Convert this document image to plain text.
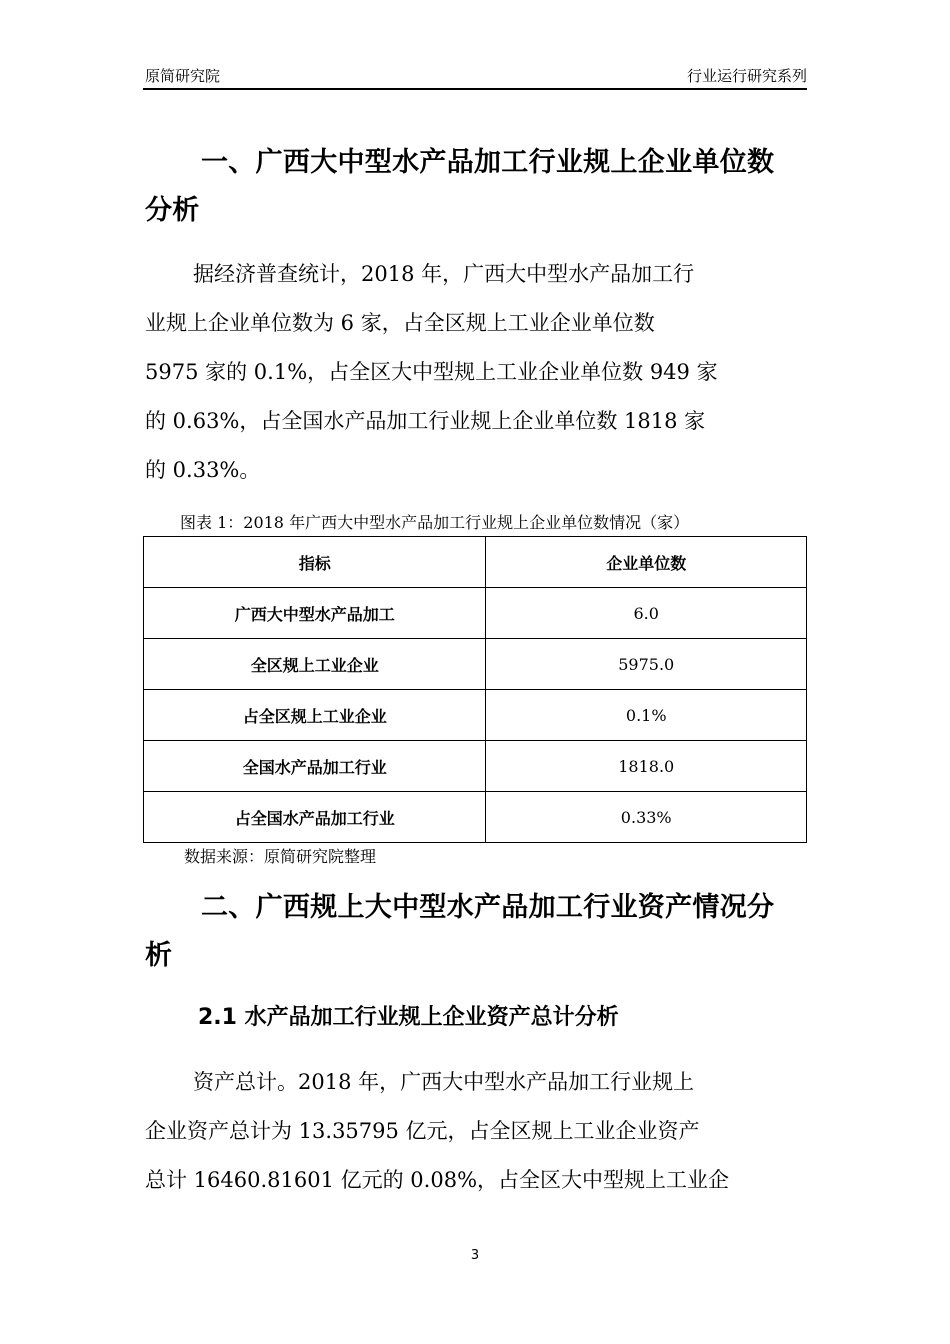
原简研究院	行业运行研究系列
一、广西大中型水产品加工行业规上企业单位数
分析
据经济普查统计，2018 年，广西大中型水产品加工行
业规上企业单位数为 6 家，占全区规上工业企业单位数
5975 家的 0.1%，占全区大中型规上工业企业单位数 949 家
的 0.63%，占全国水产品加工行业规上企业单位数 1818 家
的 0.33%。
图表 1：2018 年广西大中型水产品加工行业规上企业单位数情况（家）
指标	企业单位数
广西大中型水产品加工	6.0
全区规上工业企业	5975.0
占全区规上工业企业	0.1%
全国水产品加工行业	1818.0
占全国水产品加工行业	0.33%
数据来源：原简研究院整理
二、广西规上大中型水产品加工行业资产情况分
析
2.1 水产品加工行业规上企业资产总计分析
资产总计。2018 年，广西大中型水产品加工行业规上
企业资产总计为 13.35795 亿元，占全区规上工业企业资产
总计 16460.81601 亿元的 0.08%，占全区大中型规上工业企
3
